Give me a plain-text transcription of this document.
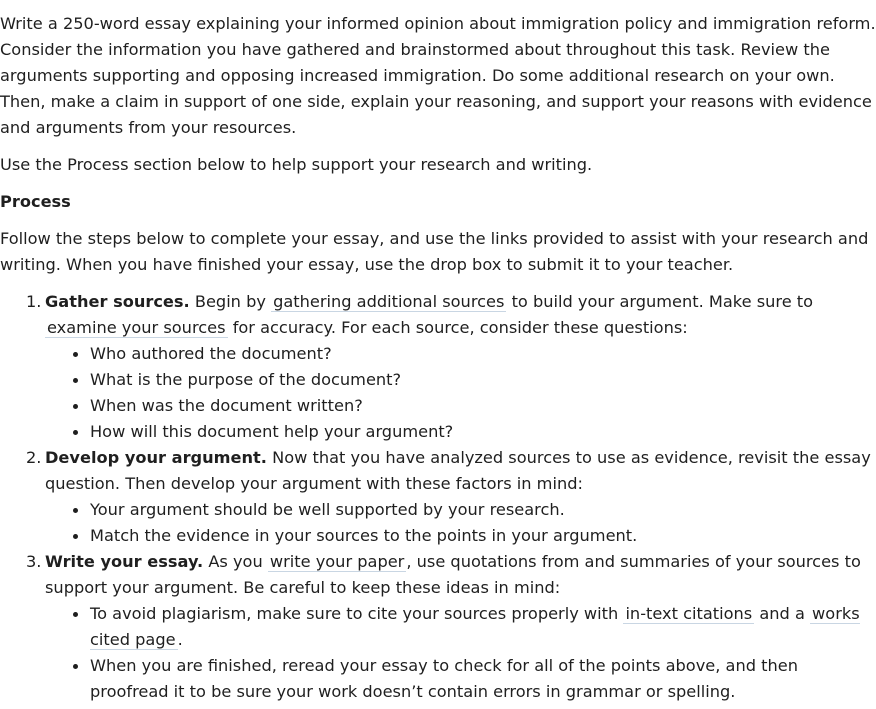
Write a 250-word essay explaining your informed opinion about immigration policy and immigration reform. Consider the information you have gathered and brainstormed about throughout this task. Review the arguments supporting and opposing increased immigration. Do some additional research on your own. Then, make a claim in support of one side, explain your reasoning, and support your reasons with evidence and arguments from your resources.

Use the Process section below to help support your research and writing.

Process

Follow the steps below to complete your essay, and use the links provided to assist with your research and writing. When you have finished your essay, use the drop box to submit it to your teacher.

1. Gather sources. Begin by gathering additional sources to build your argument. Make sure to examine your sources for accuracy. For each source, consider these questions:
Who authored the document?
What is the purpose of the document?
When was the document written?
How will this document help your argument?
2. Develop your argument. Now that you have analyzed sources to use as evidence, revisit the essay question. Then develop your argument with these factors in mind:
Your argument should be well supported by your research.
Match the evidence in your sources to the points in your argument.
3. Write your essay. As you write your paper , use quotations from and summaries of your sources to support your argument. Be careful to keep these ideas in mind:
To avoid plagiarism, make sure to cite your sources properly with in-text citations and a works cited page .
When you are finished, reread your essay to check for all of the points above, and then proofread it to be sure your work doesn’t contain errors in grammar or spelling.
